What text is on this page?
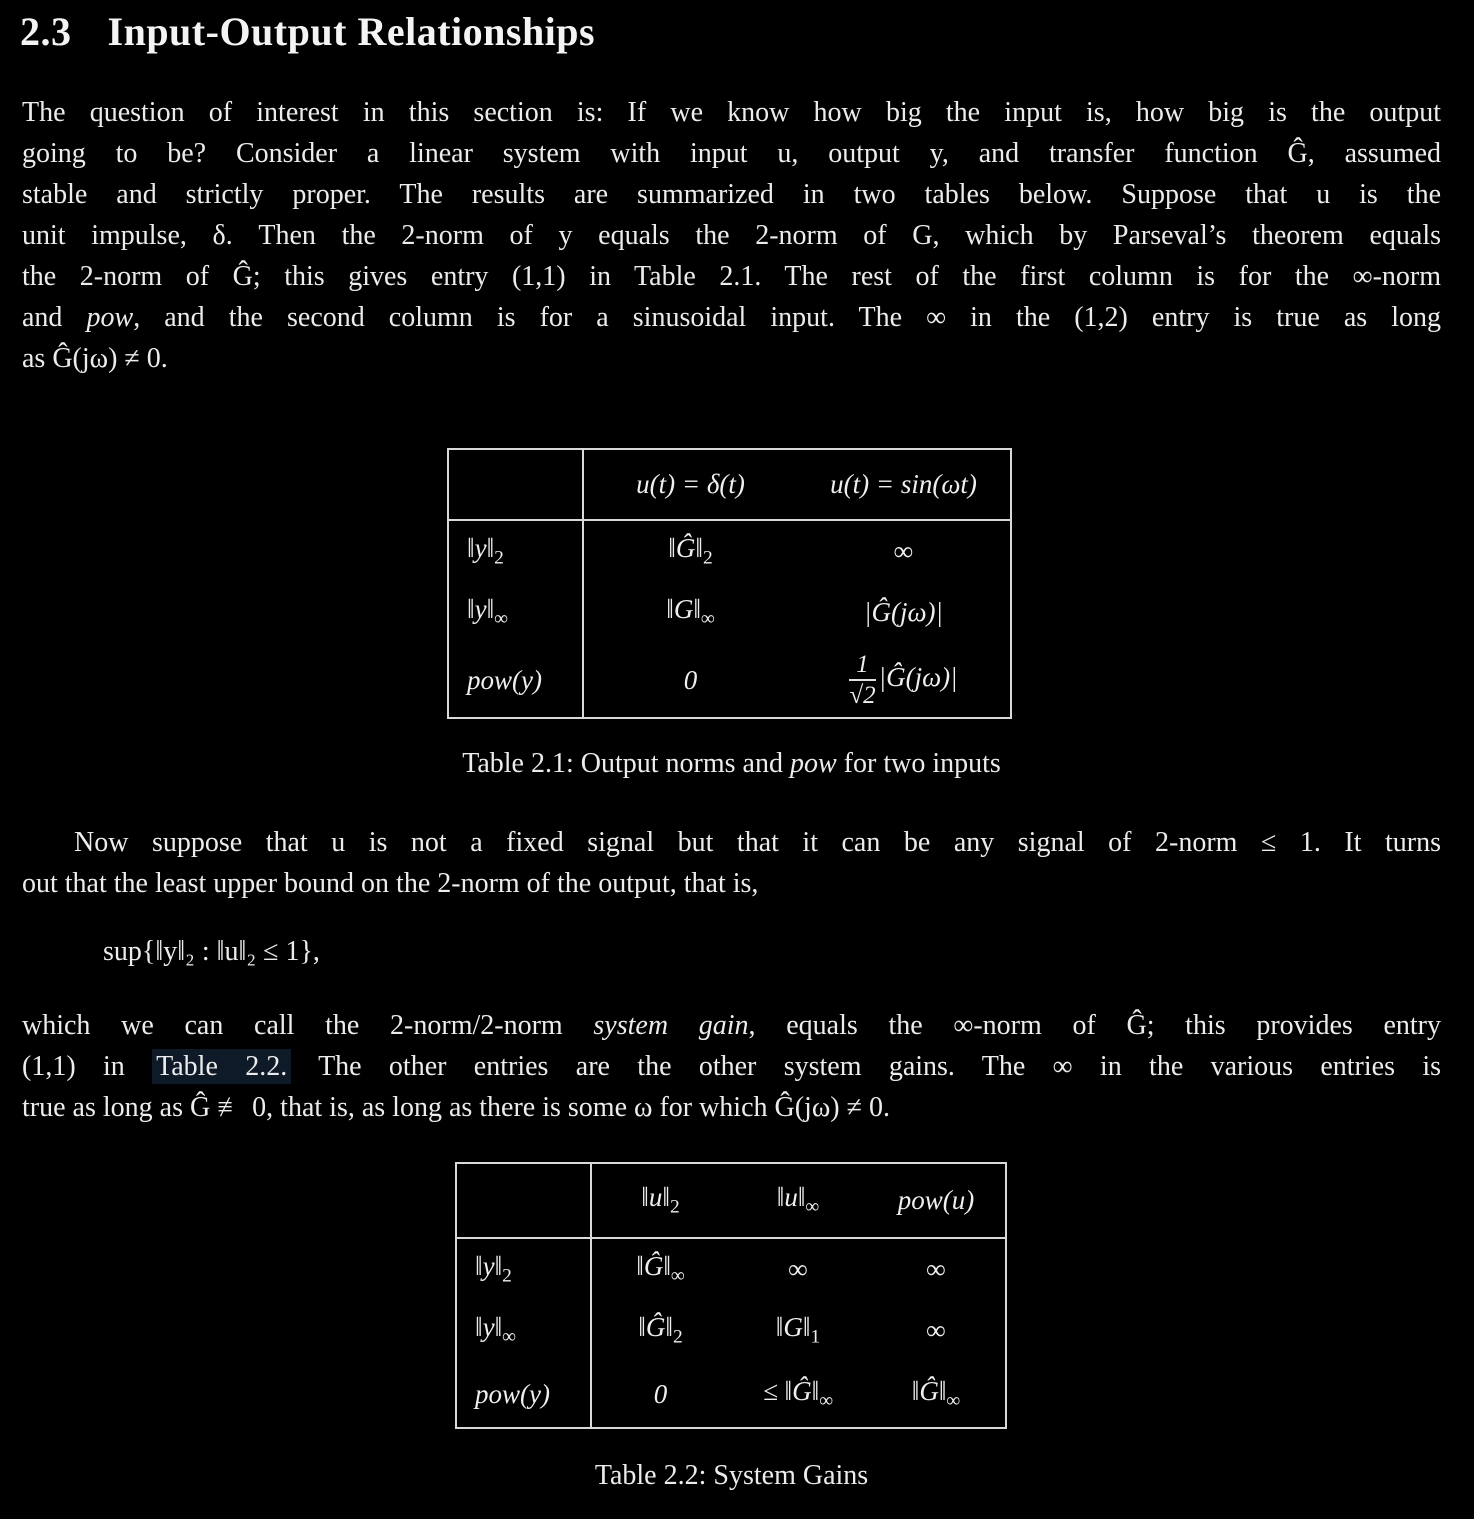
2.3 Input-Output Relationships
The question of interest in this section is: If we know how big the input is, how big is the output
going to be? Consider a linear system with input u, output y, and transfer function Ĝ, assumed
stable and strictly proper. The results are summarized in two tables below. Suppose that u is the
unit impulse, δ. Then the 2-norm of y equals the 2-norm of G, which by Parseval’s theorem equals
the 2-norm of Ĝ; this gives entry (1,1) in Table 2.1. The rest of the first column is for the ∞-norm
and pow, and the second column is for a sinusoidal input. The ∞ in the (1,2) entry is true as long
as Ĝ(jω) ≠ 0.
	u(t) = δ(t)	u(t) = sin(ωt)
$‖y‖_2$	$‖Ĝ‖_2$	∞
$‖y‖_\infty$	$‖G‖_\infty$	|Ĝ(jω)|
pow(y)	0	$\frac{1}{√2}$ |Ĝ(jω)|
Table 2.1: Output norms and pow for two inputs
Now suppose that u is not a fixed signal but that it can be any signal of 2-norm ≤ 1. It turns
out that the least upper bound on the 2-norm of the output, that is,
sup{‖y‖₂ : ‖u‖₂ ≤ 1},
which we can call the 2-norm/2-norm system gain, equals the ∞-norm of Ĝ; this provides entry
(1,1) in Table 2.2. The other entries are the other system gains. The ∞ in the various entries is
true as long as Ĝ ≢ 0, that is, as long as there is some ω for which Ĝ(jω) ≠ 0.
	$‖u‖_2$	$‖u‖_\infty$	pow(u)
$‖y‖_2$	$‖Ĝ‖_\infty$	∞	∞
$‖y‖_\infty$	$‖Ĝ‖_2$	$‖G‖_1$	∞
pow(y)	0	≤ $‖Ĝ‖_\infty$	$‖Ĝ‖_\infty$
Table 2.2: System Gains
